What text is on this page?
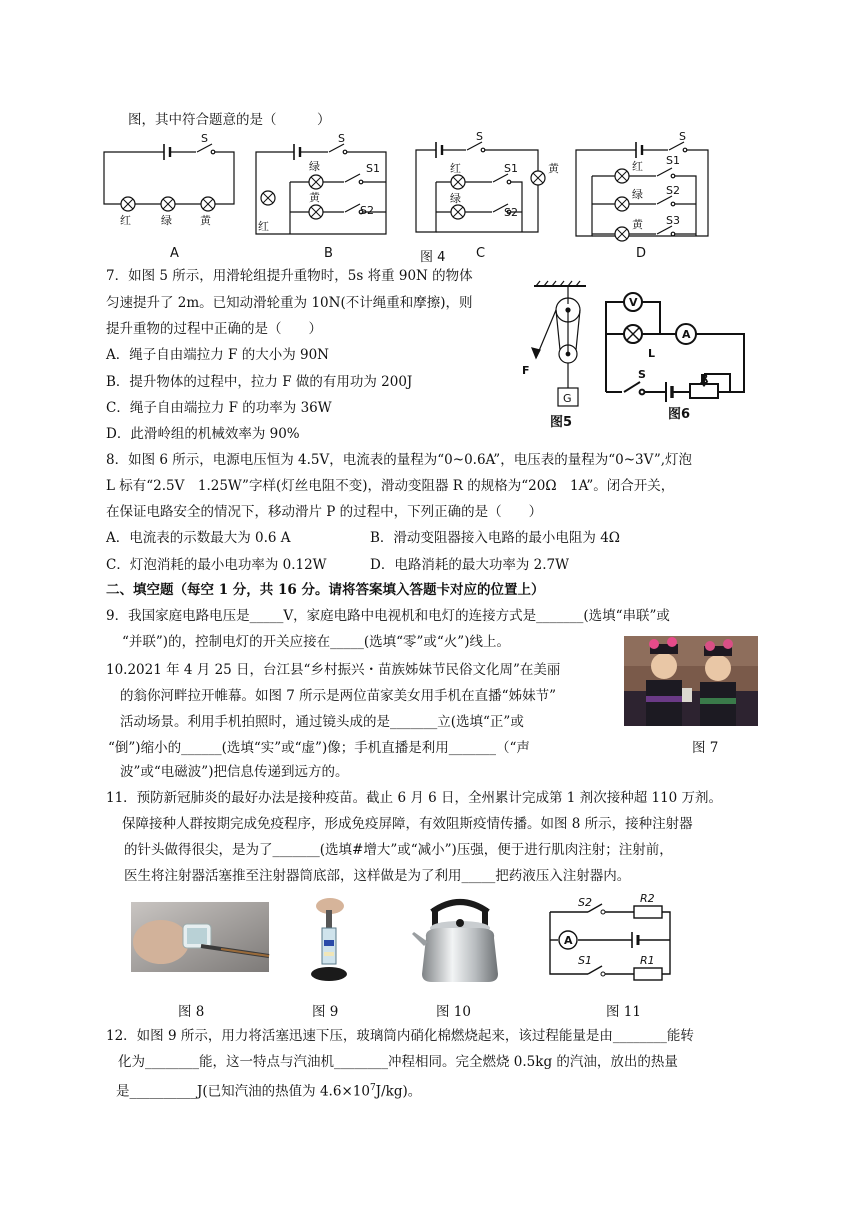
图，其中符合题意的是（　　　）
S
红	绿	黄
A
S
绿
黄
红
S1
S2
B
S
红
绿
黄
S1
S2
图 4 C
S
红
绿
黄
S1
S2
S3
D
7．如图 5 所示，用滑轮组提升重物时，5s 将重 90N 的物体
匀速提升了 2m。已知动滑轮重为 10N(不计绳重和摩擦)，则
提升重物的过程中正确的是（　　）
A．绳子自由端拉力 F 的大小为 90N
B．提升物体的过程中，拉力 F 做的有用功为 200J
C．绳子自由端拉力 F 的功率为 36W
D．此滑岭组的机械效率为 90%
F
G
图5
V
A
L
S	R
图6
8．如图 6 所示，电源电压恒为 4.5V，电流表的量程为“0~0.6A”，电压表的量程为“0~3V”,灯泡
L 标有“2.5V　1.25W”字样(灯丝电阻不变)，滑动变阻器 R 的规格为“20Ω　1A”。闭合开关，
在保证电路安全的情况下，移动滑片 P 的过程中，下列正确的是（　　）
A．电流表的示数最大为 0.6 A	B．滑动变阻器接入电路的最小电阻为 4Ω
C．灯泡消耗的最小电功率为 0.12W	D．电路消耗的最大功率为 2.7W
二、填空题（每空 1 分，共 16 分。请将答案填入答题卡对应的位置上）
9．我国家庭电路电压是_____V，家庭电路中电视机和电灯的连接方式是_______(选填“串联”或
“并联”)的，控制电灯的开关应接在_____(选填“零”或“火”)线上。
10.2021 年 4 月 25 日，台江县“乡村振兴・苗族姊妹节民俗文化周”在美丽
的翁你河畔拉开帷幕。如图 7 所示是两位苗家美女用手机在直播“姊妹节”
活动场景。利用手机拍照时，通过镜头成的是_______立(选填“正”或
“倒”)缩小的______(选填“实”或“虚”)像；手机直播是利用_______（“声
波”或“电磁波”)把信息传递到远方的。
图 7
11．预防新冠肺炎的最好办法是接种疫苗。截止 6 月 6 日，全州累计完成第 1 剂次接种超 110 万剂。
保障接种人群按期完成免疫程序，形成免疫屏障，有效阻斯疫情传播。如图 8 所示，接种注射器
的针头做得很尖，是为了_______(选填#增大”或“减小”)压强，便于进行肌肉注射；注射前，
医生将注射器活塞推至注射器筒底部，这样做是为了利用_____把药液压入注射器内。
A
S2	R2
S1	R1
图 8	图 9	图 10	图 11
12．如图 9 所示，用力将活塞迅速下压，玻璃筒内硝化棉燃烧起来，该过程能量是由________能转
化为________能，这一特点与汽油机________冲程相同。完全燃烧 0.5kg 的汽油，放出的热量
是__________J(已知汽油的热值为 $4.6\times 10^7J/kg$)。
